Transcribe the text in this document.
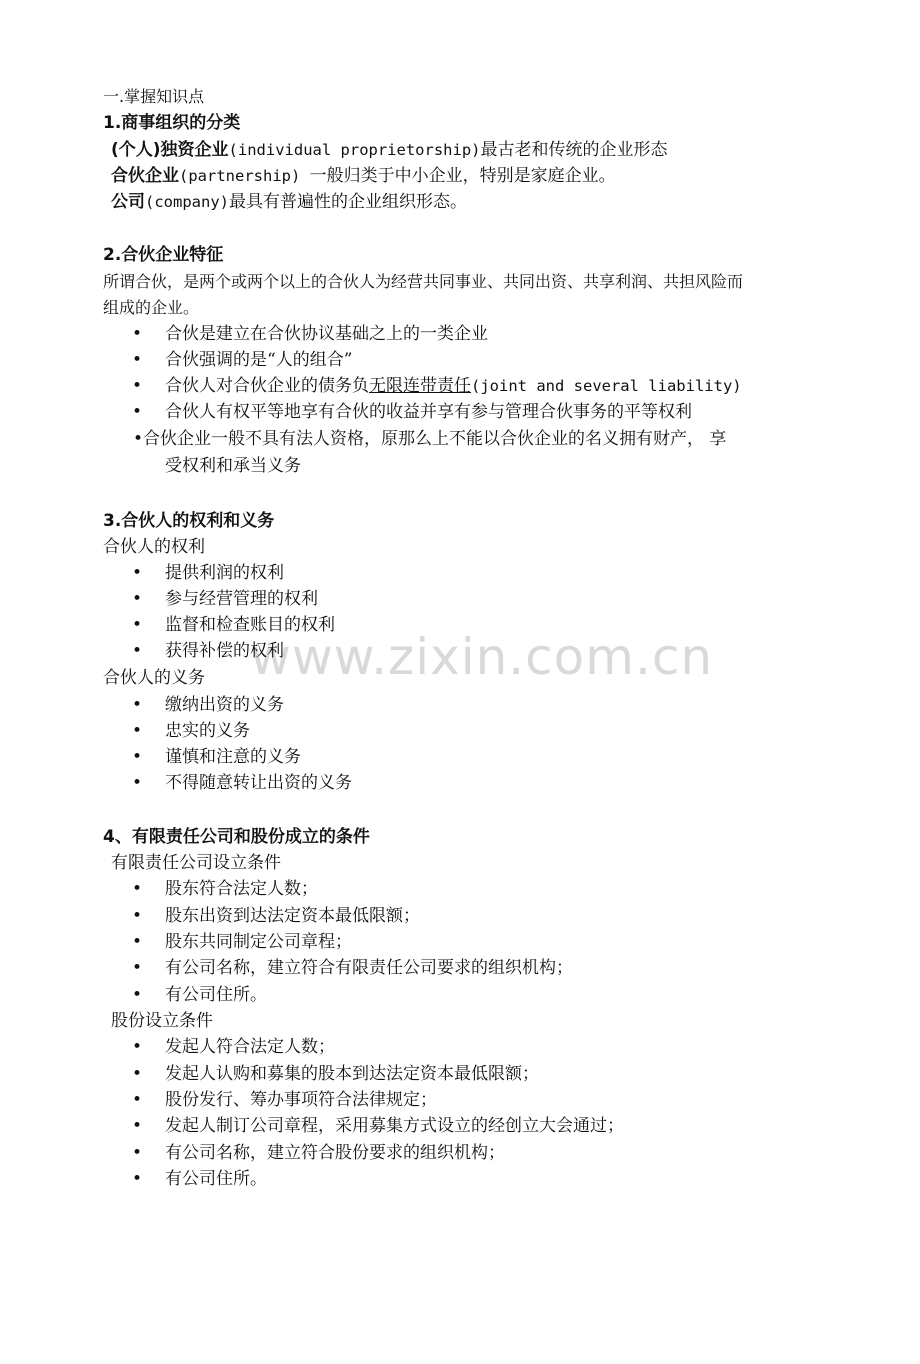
www.zixin.com.cn
一.掌握知识点
1.商事组织的分类
(个人)独资企业(individual proprietorship)最古老和传统的企业形态
合伙企业(partnership) 一般归类于中小企业，特别是家庭企业。
公司(company)最具有普遍性的企业组织形态。
2.合伙企业特征
所谓合伙，是两个或两个以上的合伙人为经营共同事业、共同出资、共享利润、共担风险而
组成的企业。
• 合伙是建立在合伙协议基础之上的一类企业
• 合伙强调的是“人的组合”
• 合伙人对合伙企业的债务负无限连带责任(joint and several liability)
• 合伙人有权平等地享有合伙的收益并享有参与管理合伙事务的平等权利
•合伙企业一般不具有法人资格，原那么上不能以合伙企业的名义拥有财产， 享
受权利和承当义务
3.合伙人的权利和义务
合伙人的权利
• 提供利润的权利
• 参与经营管理的权利
• 监督和检查账目的权利
• 获得补偿的权利
合伙人的义务
• 缴纳出资的义务
• 忠实的义务
• 谨慎和注意的义务
• 不得随意转让出资的义务
4、有限责任公司和股份成立的条件
有限责任公司设立条件
• 股东符合法定人数；
• 股东出资到达法定资本最低限额；
• 股东共同制定公司章程；
• 有公司名称，建立符合有限责任公司要求的组织机构；
• 有公司住所。
股份设立条件
• 发起人符合法定人数；
• 发起人认购和募集的股本到达法定资本最低限额；
• 股份发行、筹办事项符合法律规定；
• 发起人制订公司章程，采用募集方式设立的经创立大会通过；
• 有公司名称，建立符合股份要求的组织机构；
• 有公司住所。
